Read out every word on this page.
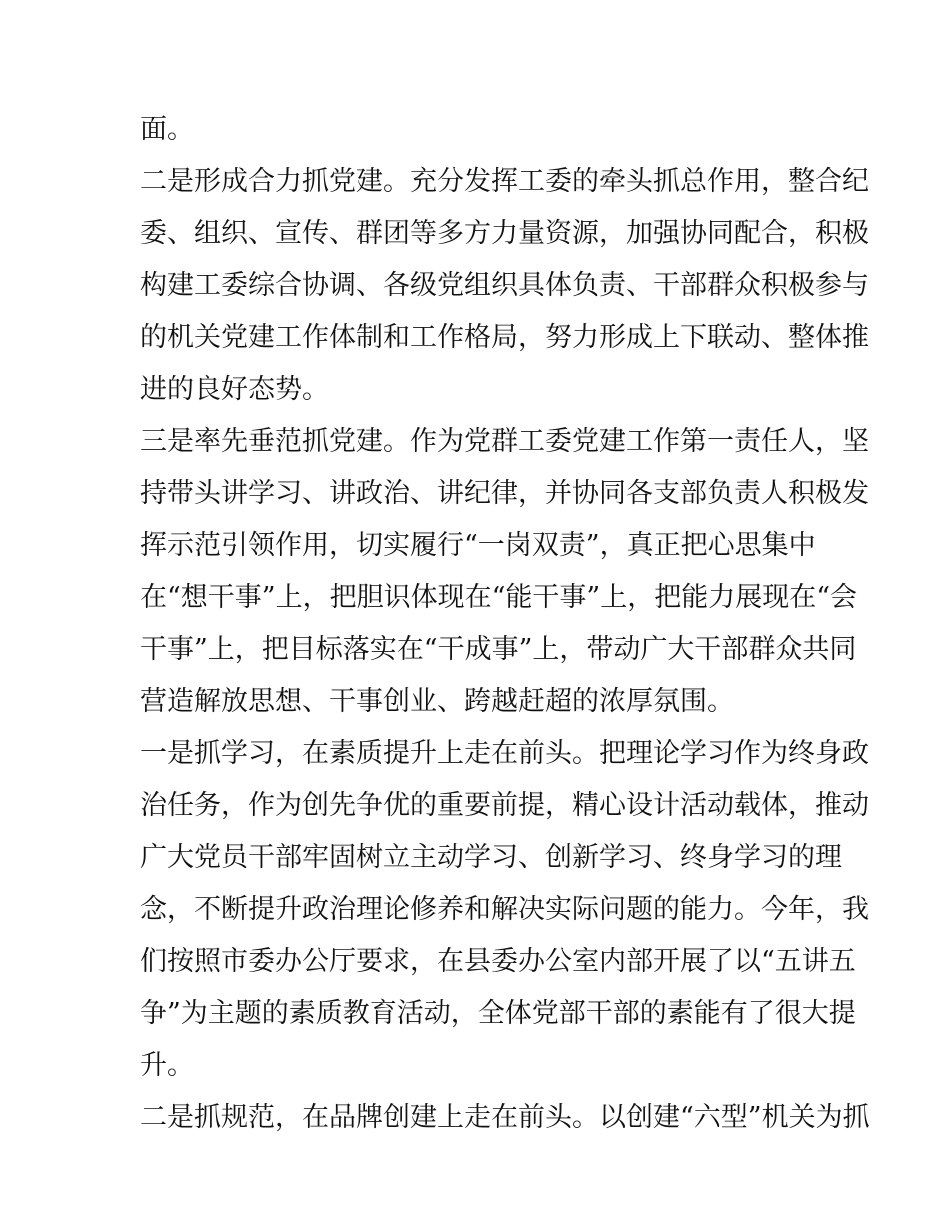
面。
二是形成合力抓党建。充分发挥工委的牵头抓总作用，整合纪
委、组织、宣传、群团等多方力量资源，加强协同配合，积极
构建工委综合协调、各级党组织具体负责、干部群众积极参与
的机关党建工作体制和工作格局，努力形成上下联动、整体推
进的良好态势。
三是率先垂范抓党建。作为党群工委党建工作第一责任人，坚
持带头讲学习、讲政治、讲纪律，并协同各支部负责人积极发
挥示范引领作用，切实履行“一岗双责”，真正把心思集中
在“想干事”上，把胆识体现在“能干事”上，把能力展现在“会
干事”上，把目标落实在“干成事”上，带动广大干部群众共同
营造解放思想、干事创业、跨越赶超的浓厚氛围。
一是抓学习，在素质提升上走在前头。把理论学习作为终身政
治任务，作为创先争优的重要前提，精心设计活动载体，推动
广大党员干部牢固树立主动学习、创新学习、终身学习的理
念，不断提升政治理论修养和解决实际问题的能力。今年，我
们按照市委办公厅要求，在县委办公室内部开展了以“五讲五
争”为主题的素质教育活动，全体党部干部的素能有了很大提
升。
二是抓规范，在品牌创建上走在前头。以创建“六型”机关为抓
